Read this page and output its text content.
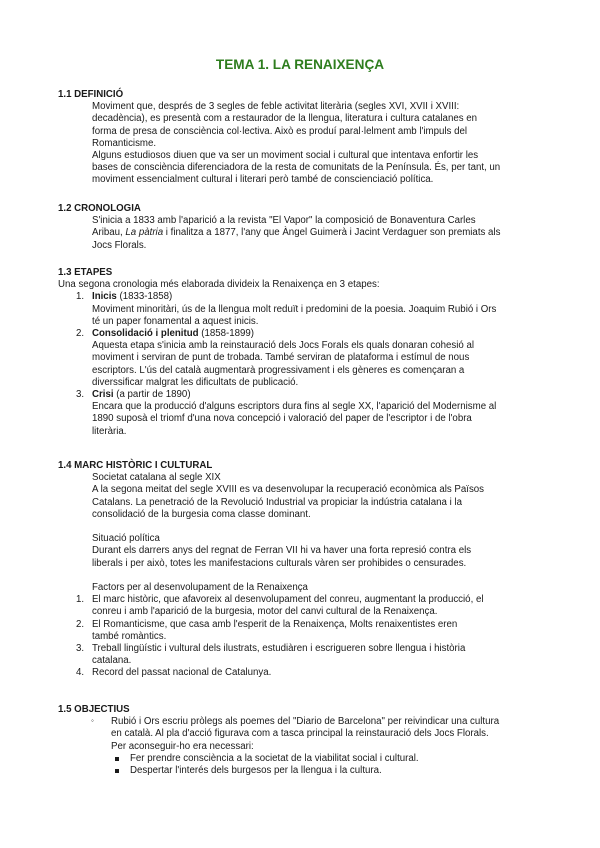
TEMA 1. LA RENAIXENÇA
1.1 DEFINICIÓ
Moviment que, després de 3 segles de feble activitat literària (segles XVI, XVII i XVIII:
decadència), es presentà com a restaurador de la llengua, literatura i cultura catalanes en
forma de presa de consciència col·lectiva. Això es produí paral·lelment amb l'impuls del
Romanticisme.
Alguns estudiosos diuen que va ser un moviment social i cultural que intentava enfortir les
bases de consciència diferenciadora de la resta de comunitats de la Península. És, per tant, un
moviment essencialment cultural i literari però també de conscienciació política.
1.2 CRONOLOGIA
S'inicia a 1833 amb l'aparició a la revista "El Vapor" la composició de Bonaventura Carles
Aribau, La pàtria i finalitza a 1877, l'any que Àngel Guimerà i Jacint Verdaguer son premiats als
Jocs Florals.
1.3 ETAPES
Una segona cronologia més elaborada divideix la Renaixença en 3 etapes:
1. Inicis (1833-1858)
Moviment minoritàri, ús de la llengua molt reduït i predomini de la poesia. Joaquim Rubió i Ors
té un paper fonamental a aquest inicis.
2. Consolidació i plenitud (1858-1899)
Aquesta etapa s'inicia amb la reinstauració dels Jocs Forals els quals donaran cohesió al
moviment i serviran de punt de trobada. També serviran de plataforma i estímul de nous
escriptors. L'ús del català augmentarà progressivament i els gèneres es començaran a
diverssificar malgrat les dificultats de publicació.
3. Crisi (a partir de 1890)
Encara que la producció d'alguns escriptors dura fins al segle XX, l'aparició del Modernisme al
1890 suposà el triomf d'una nova concepció i valoració del paper de l'escriptor i de l'obra
literària.
1.4 MARC HISTÒRIC I CULTURAL
Societat catalana al segle XIX
A la segona meitat del segle XVIII es va desenvolupar la recuperació econòmica als Països
Catalans. La penetració de la Revolució Industrial va propiciar la indústria catalana i la
consolidació de la burgesia coma classe dominant.
Situació política
Durant els darrers anys del regnat de Ferran VII hi va haver una forta represió contra els
liberals i per això, totes les manifestacions culturals vàren ser prohibides o censurades.
Factors per al desenvolupament de la Renaixença
1. El marc històric, que afavoreix al desenvolupament del conreu, augmentant la producció, el
conreu i amb l'aparició de la burgesia, motor del canvi cultural de la Renaixença.
2. El Romanticisme, que casa amb l'esperit de la Renaixença, Molts renaixentistes eren
també romàntics.
3. Treball lingüístic i vultural dels ilustrats, estudiàren i escrigueren sobre llengua i història
catalana.
4. Record del passat nacional de Catalunya.
1.5 OBJECTIUS
◦ Rubió i Ors escriu pròlegs als poemes del "Diario de Barcelona" per reivindicar una cultura
en català. Al pla d'acció figurava com a tasca principal la reinstauració dels Jocs Florals.
Per aconseguir-ho era necessari:
Fer prendre consciència a la societat de la viabilitat social i cultural.
Despertar l'interés dels burgesos per la llengua i la cultura.
